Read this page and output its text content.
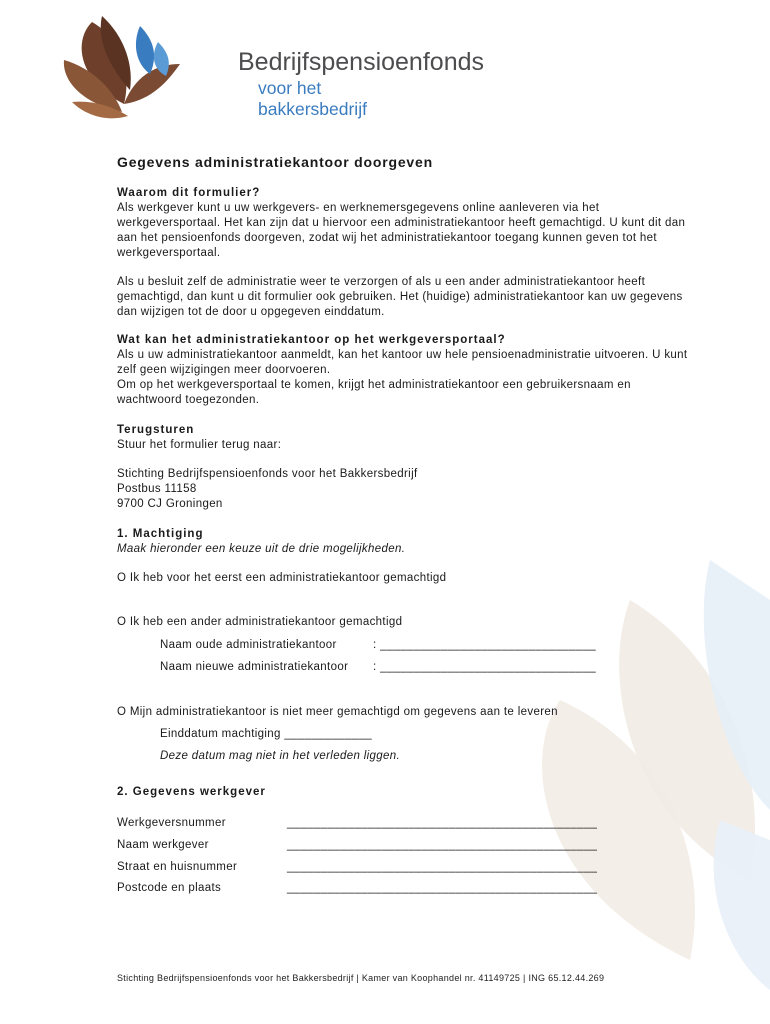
Bedrijfspensioenfonds
voor het bakkersbedrijf
Gegevens administratiekantoor doorgeven
Waarom dit formulier?
Als werkgever kunt u uw werkgevers- en werknemersgegevens online aanleveren via het werkgeversportaal. Het kan zijn dat u hiervoor een administratiekantoor heeft gemachtigd. U kunt dit dan aan het pensioenfonds doorgeven, zodat wij het administratiekantoor toegang kunnen geven tot het werkgeversportaal.
Als u besluit zelf de administratie weer te verzorgen of als u een ander administratiekantoor heeft gemachtigd, dan kunt u dit formulier ook gebruiken. Het (huidige) administratiekantoor kan uw gegevens dan wijzigen tot de door u opgegeven einddatum.
Wat kan het administratiekantoor op het werkgeversportaal?
Als u uw administratiekantoor aanmeldt, kan het kantoor uw hele pensioenadministratie uitvoeren. U kunt zelf geen wijzigingen meer doorvoeren.
Om op het werkgeversportaal te komen, krijgt het administratiekantoor een gebruikersnaam en wachtwoord toegezonden.
Terugsturen
Stuur het formulier terug naar:
Stichting Bedrijfspensioenfonds voor het Bakkersbedrijf
Postbus 11158
9700 CJ Groningen
1. Machtiging
Maak hieronder een keuze uit de drie mogelijkheden.
O Ik heb voor het eerst een administratiekantoor gemachtigd
O Ik heb een ander administratiekantoor gemachtigd
Naam oude administratiekantoor	: ________________________________
Naam nieuwe administratiekantoor : ________________________________
O Mijn administratiekantoor is niet meer gemachtigd om gegevens aan te leveren
Einddatum machtiging _____________
Deze datum mag niet in het verleden liggen.
2. Gegevens werkgever
Werkgeversnummer	______________________________________________
Naam werkgever	______________________________________________
Straat en huisnummer	______________________________________________
Postcode en plaats	______________________________________________
Stichting Bedrijfspensioenfonds voor het Bakkersbedrijf | Kamer van Koophandel nr. 41149725 | ING 65.12.44.269
